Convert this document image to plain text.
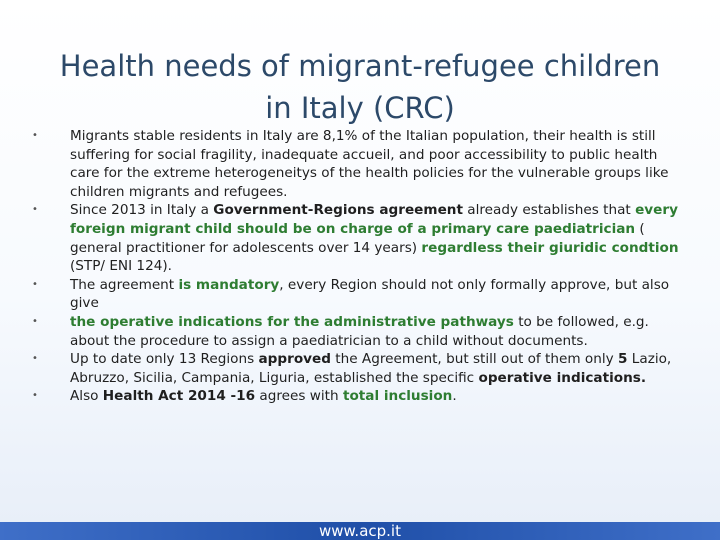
Health needs of migrant-refugee children
in Italy (CRC)
• Migrants stable residents in Italy are 8,1% of the Italian population, their health is still suffering for social fragility, inadequate accueil, and poor accessibility to public health care for the extreme heterogeneitys of the health policies for the vulnerable groups like children migrants and refugees.
• Since 2013 in Italy a Government-Regions agreement already establishes that every foreign migrant child should be on charge of a primary care paediatrician ( general practitioner for adolescents over 14 years) regardless their giuridic condtion (STP/ ENI 124).
• The agreement is mandatory, every Region should not only formally approve, but also give
• the operative indications for the administrative pathways to be followed, e.g. about the procedure to assign a paediatrician to a child without documents.
• Up to date only 13 Regions approved the Agreement, but still out of them only 5 Lazio, Abruzzo, Sicilia, Campania, Liguria, established the specific operative indications.
• Also Health Act 2014 -16 agrees with total inclusion.
www.acp.it
